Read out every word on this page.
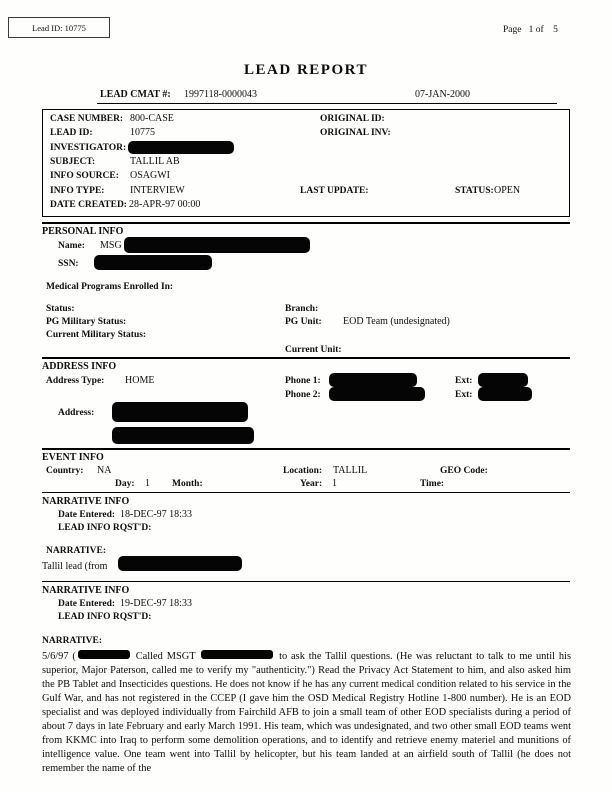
Lead ID: 10775	Page   1 of    5
LEAD REPORT
LEAD CMAT #: 1997118-0000043	07-JAN-2000
CASE NUMBER: 800-CASE	ORIGINAL ID:
LEAD ID:	10775	ORIGINAL INV:
INVESTIGATOR:
SUBJECT:	TALLIL AB
INFO SOURCE: OSAGWI
INFO TYPE:	INTERVIEW	LAST UPDATE:	STATUS: OPEN
DATE CREATED: 28-APR-97 00:00
PERSONAL INFO
Name: MSG
SSN:
Medical Programs Enrolled In:
Status:	Branch:
PG Military Status:	PG Unit: EOD Team (undesignated)
Current Military Status:
Current Unit:
ADDRESS INFO
Address Type: HOME	Phone 1:	Ext:
Phone 2:	Ext:
Address:
EVENT INFO
Country: NA	Location: TALLIL	GEO Code:
Day: 1 Month:	Year: 1	Time:
NARRATIVE INFO
Date Entered: 18-DEC-97 18:33
LEAD INFO RQST'D:
NARRATIVE:
Tallil lead (from
NARRATIVE INFO
Date Entered: 19-DEC-97 18:33
LEAD INFO RQST'D:
NARRATIVE:
5/6/97 (	Called MSGT	to ask the Tallil questions. (He was reluctant to talk to me until his superior, Major Paterson, called me to verify my "authenticity.") Read the Privacy Act Statement to him, and also asked him the PB Tablet and Insecticides questions. He does not know if he has any current medical condition related to his service in the Gulf War, and has not registered in the CCEP (I gave him the OSD Medical Registry Hotline 1-800 number). He is an EOD specialist and was deployed individually from Fairchild AFB to join a small team of other EOD specialists during a period of about 7 days in late February and early March 1991. His team, which was undesignated, and two other small EOD teams went from KKMC into Iraq to perform some demolition operations, and to identify and retrieve enemy materiel and munitions of intelligence value. One team went into Tallil by helicopter, but his team landed at an airfield south of Tallil (he does not remember the name of the
